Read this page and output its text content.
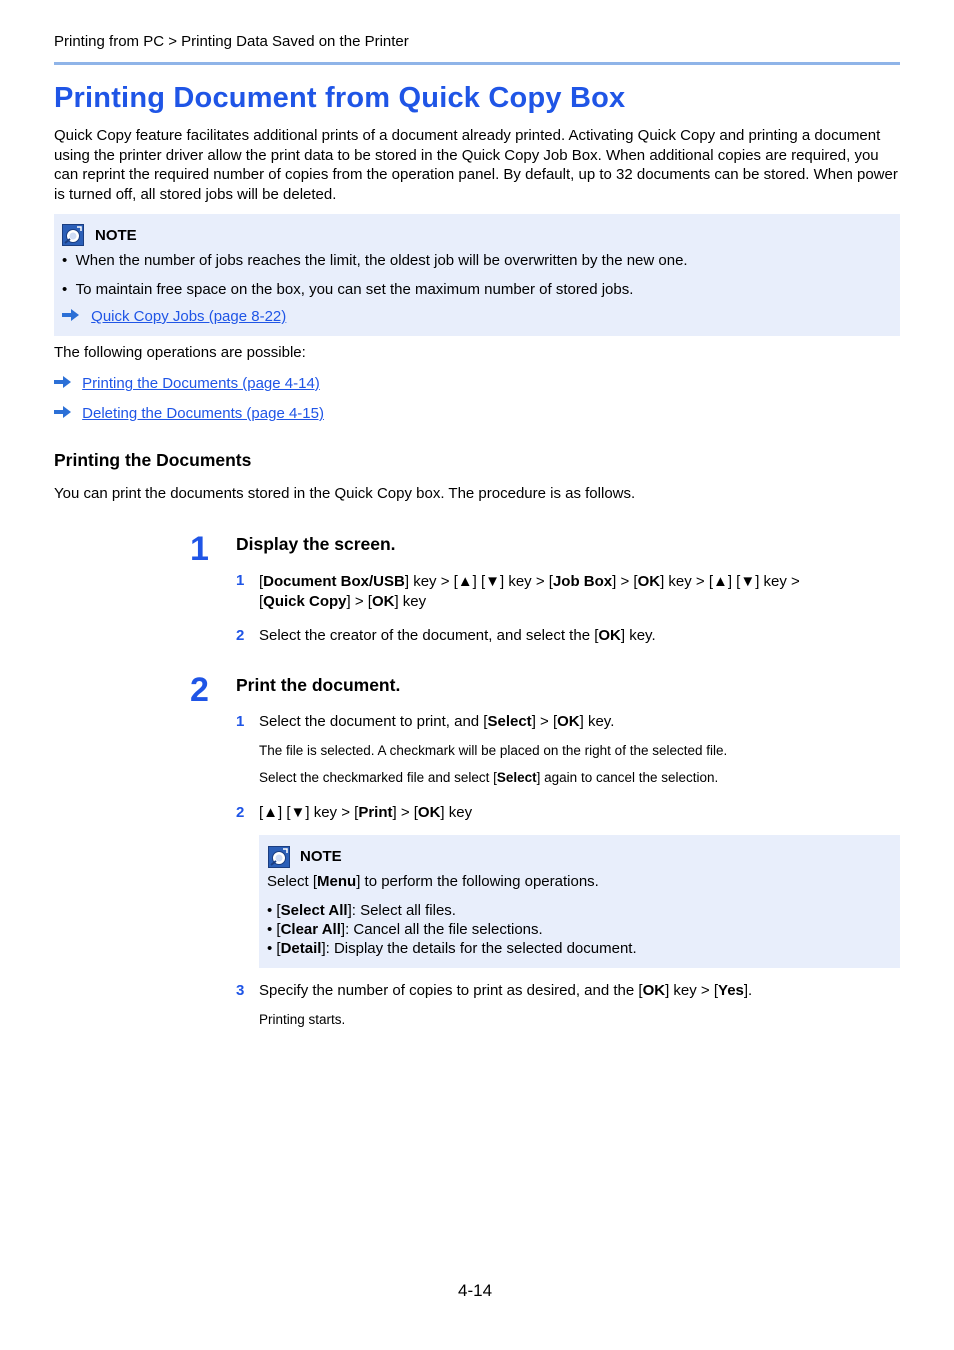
Printing from PC > Printing Data Saved on the Printer
Printing Document from Quick Copy Box
Quick Copy feature facilitates additional prints of a document already printed. Activating Quick Copy and printing a document using the printer driver allow the print data to be stored in the Quick Copy Job Box. When additional copies are required, you can reprint the required number of copies from the operation panel. By default, up to 32 documents can be stored. When power is turned off, all stored jobs will be deleted.
NOTE
•  When the number of jobs reaches the limit, the oldest job will be overwritten by the new one.
•  To maintain free space on the box, you can set the maximum number of stored jobs.
Quick Copy Jobs (page 8-22)
The following operations are possible:
Printing the Documents (page 4-14)
Deleting the Documents (page 4-15)
Printing the Documents
You can print the documents stored in the Quick Copy box. The procedure is as follows.
1 Display the screen.
1 [Document Box/USB] key > [▲] [▼] key > [Job Box] > [OK] key > [▲] [▼] key >
[Quick Copy] > [OK] key
2 Select the creator of the document, and select the [OK] key.
2 Print the document.
1 Select the document to print, and [Select] > [OK] key.
The file is selected. A checkmark will be placed on the right of the selected file.
Select the checkmarked file and select [Select] again to cancel the selection.
2 [▲] [▼] key > [Print] > [OK] key
NOTE
Select [Menu] to perform the following operations.
• [Select All]: Select all files.
• [Clear All]: Cancel all the file selections.
• [Detail]: Display the details for the selected document.
3 Specify the number of copies to print as desired, and the [OK] key > [Yes].
Printing starts.
4-14
